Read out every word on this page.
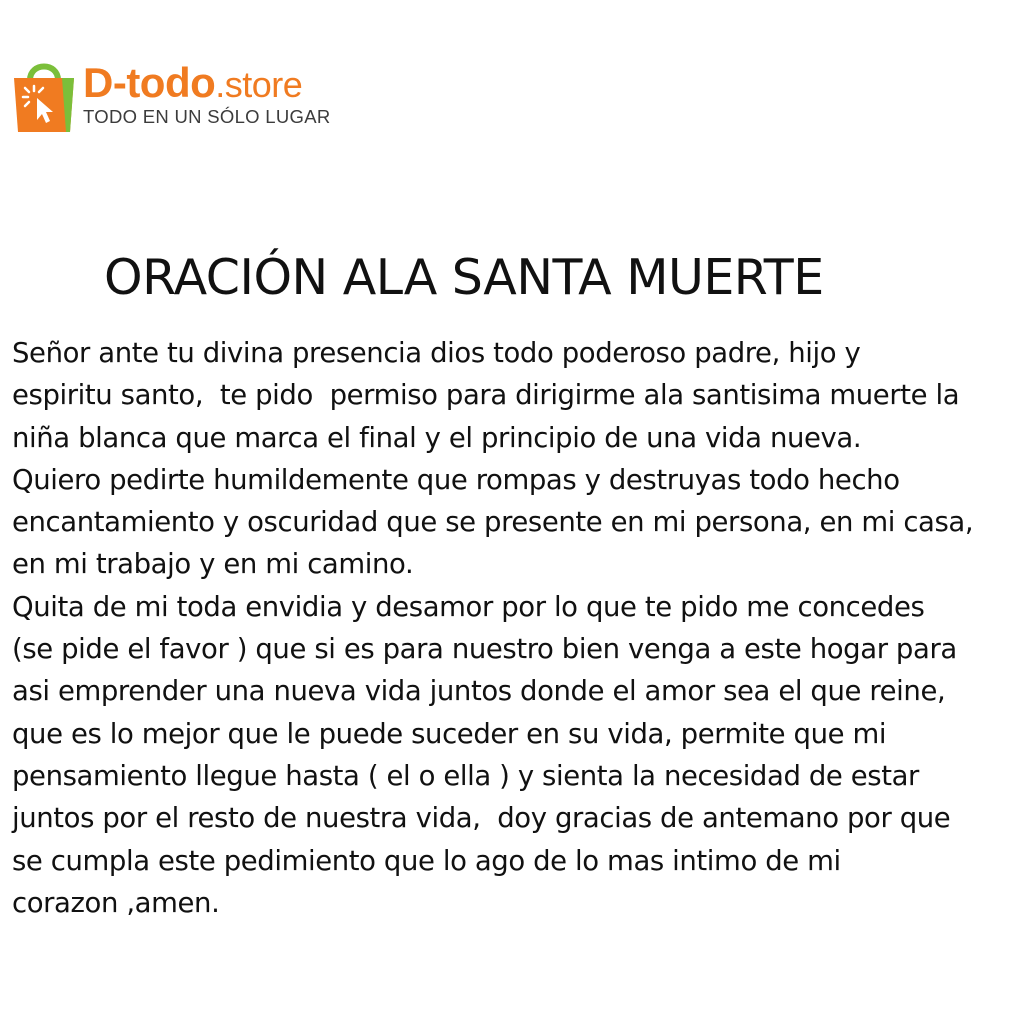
D-todo.store
TODO EN UN SÓLO LUGAR
ORACIÓN ALA SANTA MUERTE
Señor ante tu divina presencia dios todo poderoso padre, hijo y
espiritu santo,  te pido  permiso para dirigirme ala santisima muerte la
niña blanca que marca el final y el principio de una vida nueva.
Quiero pedirte humildemente que rompas y destruyas todo hecho
encantamiento y oscuridad que se presente en mi persona, en mi casa,
en mi trabajo y en mi camino.
Quita de mi toda envidia y desamor por lo que te pido me concedes
(se pide el favor ) que si es para nuestro bien venga a este hogar para
asi emprender una nueva vida juntos donde el amor sea el que reine,
que es lo mejor que le puede suceder en su vida, permite que mi
pensamiento llegue hasta ( el o ella ) y sienta la necesidad de estar
juntos por el resto de nuestra vida,  doy gracias de antemano por que
se cumpla este pedimiento que lo ago de lo mas intimo de mi
corazon ,amen.
